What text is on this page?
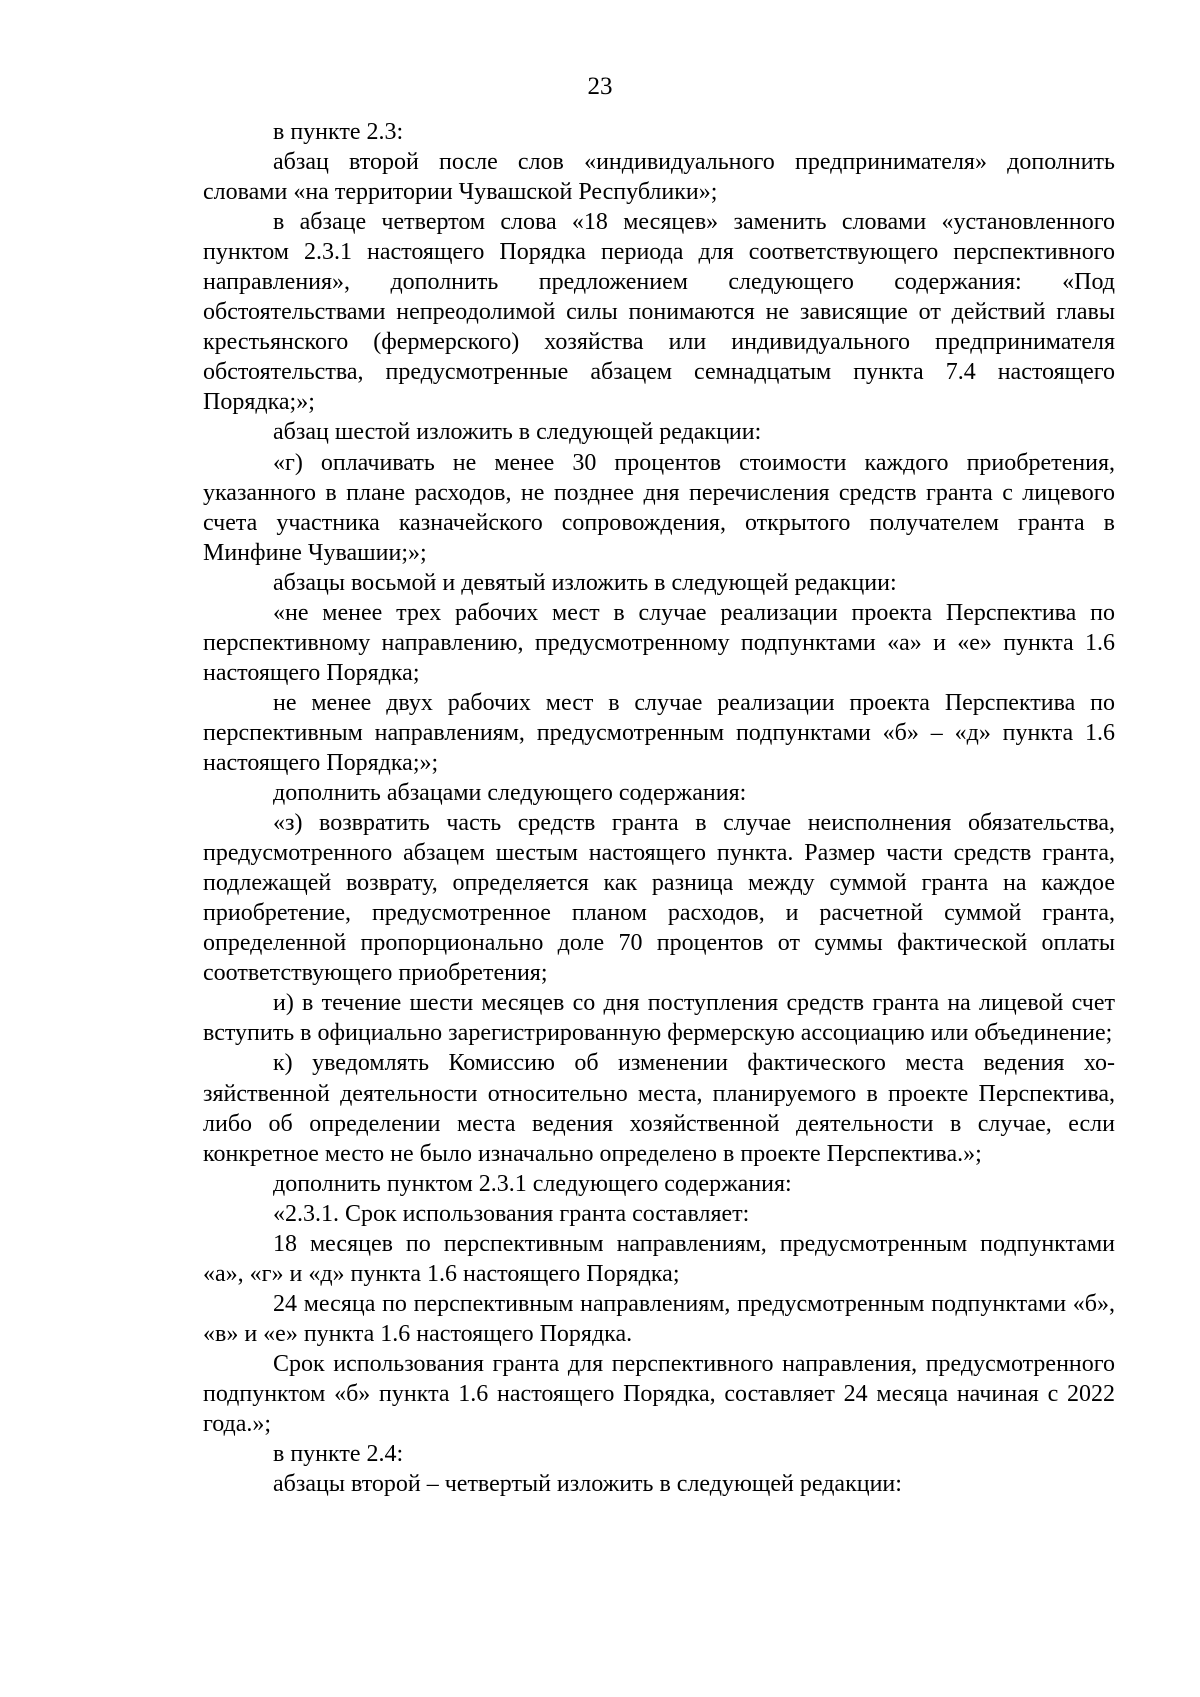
23

в пункте 2.3:

абзац второй после слов «индивидуального предпринимателя» дополнить словами «на территории Чувашской Республики»;

в абзаце четвертом слова «18 месяцев» заменить словами «установленного пунктом 2.3.1 настоящего Порядка периода для соответствующего перспективного направления», дополнить предложением следующего содержания: «Под обстоятельствами непреодолимой силы понимаются не зависящие от действий главы крестьянского (фермерского) хозяйства или индивидуального предпринимателя обстоятельства, предусмотренные абзацем семнадцатым пункта 7.4 настоящего Порядка;»;

абзац шестой изложить в следующей редакции:

«г) оплачивать не менее 30 процентов стоимости каждого приобретения, указанного в плане расходов, не позднее дня перечисления средств гранта с лицевого счета участника казначейского сопровождения, открытого получателем гранта в Минфине Чувашии;»;

абзацы восьмой и девятый изложить в следующей редакции:

«не менее трех рабочих мест в случае реализации проекта Перспектива по перспективному направлению, предусмотренному подпунктами «а» и «е» пункта 1.6 настоящего Порядка;

не менее двух рабочих мест в случае реализации проекта Перспектива по перспективным направлениям, предусмотренным подпунктами «б» – «д» пункта 1.6 настоящего Порядка;»;

дополнить абзацами следующего содержания:

«з) возвратить часть средств гранта в случае неисполнения обязательства, предусмотренного абзацем шестым настоящего пункта. Размер части средств гранта, подлежащей возврату, определяется как разница между суммой гранта на каждое приобретение, предусмотренное планом расходов, и расчетной суммой гранта, определенной пропорционально доле 70 процентов от суммы фактической оплаты соответствующего приобретения;

и) в течение шести месяцев со дня поступления средств гранта на лицевой счет вступить в официально зарегистрированную фермерскую ассоциацию или объединение;

к) уведомлять Комиссию об изменении фактического места ведения хозяйственной деятельности относительно места, планируемого в проекте Перспектива, либо об определении места ведения хозяйственной деятельности в случае, если конкретное место не было изначально определено в проекте Перспектива.»;

дополнить пунктом 2.3.1 следующего содержания:

«2.3.1. Срок использования гранта составляет:

18 месяцев по перспективным направлениям, предусмотренным подпунктами «а», «г» и «д» пункта 1.6 настоящего Порядка;

24 месяца по перспективным направлениям, предусмотренным подпунктами «б», «в» и «е» пункта 1.6 настоящего Порядка.

Срок использования гранта для перспективного направления, предусмотренного подпунктом «б» пункта 1.6 настоящего Порядка, составляет 24 месяца начиная с 2022 года.»;

в пункте 2.4:

абзацы второй – четвертый изложить в следующей редакции:
